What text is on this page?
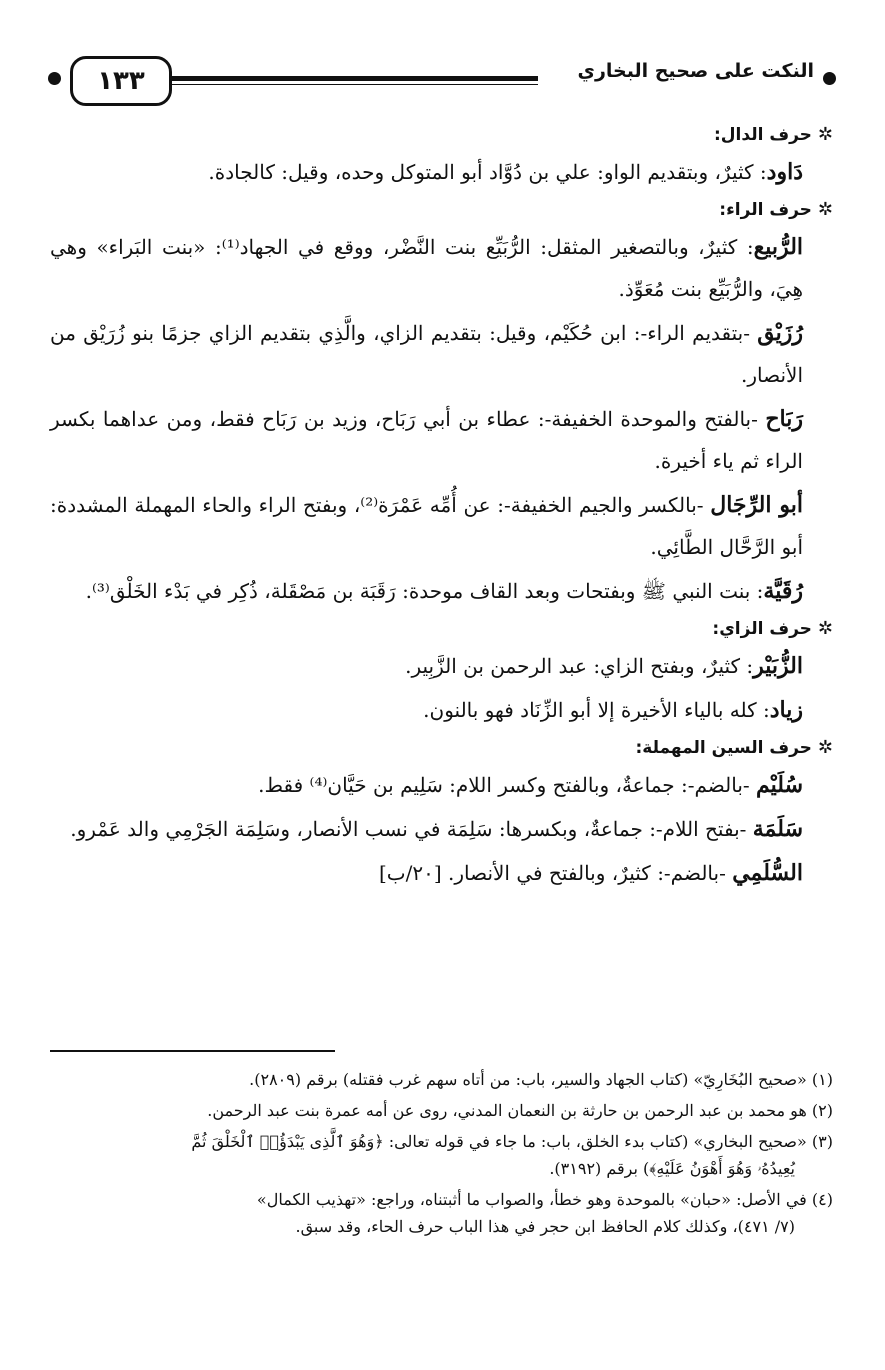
النكت على صحيح البخاري
١٣٣
✲حرف الدال:

دَاود: كثيرٌ، وبتقديم الواو: علي بن دُوَّاد أبو المتوكل وحده، وقيل: كالجادة.

✲حرف الراء:

الرُّبيع: كثيرٌ، وبالتصغير المثقل: الرُّبَيِّع بنت النَّضْر، ووقع في الجهاد⁽¹⁾: «بنت البَراء» وهي هِيَ، والرُّبَيِّع بنت مُعَوِّذ.

رُزَيْق -بتقديم الراء-: ابن حُكَيْم، وقيل: بتقديم الزاي، والَّذِي بتقديم الزاي جزمًا بنو زُرَيْق من الأنصار.

رَبَاح -بالفتح والموحدة الخفيفة-: عطاء بن أبي رَبَاح، وزيد بن رَبَاح فقط، ومن عداهما بكسر الراء ثم ياء أخيرة.

أبو الرِّجَال -بالكسر والجيم الخفيفة-: عن أُمِّه عَمْرَة⁽²⁾، وبفتح الراء والحاء المهملة المشددة: أبو الرَّحَّال الطَّائِي.

رُقَيَّة: بنت النبي ﷺ وبفتحات وبعد القاف موحدة: رَقَبَة بن مَصْقَلة، ذُكِر في بَدْء الخَلْق⁽³⁾.

✲حرف الزاي:

الزُّبَيْر: كثيرٌ، وبفتح الزاي: عبد الرحمن بن الزَّبِير.

زياد: كله بالياء الأخيرة إلا أبو الزِّنَاد فهو بالنون.

✲حرف السين المهملة:

سُلَيْم -بالضم-: جماعةٌ، وبالفتح وكسر اللام: سَلِيم بن حَيَّان⁽⁴⁾ فقط.

سَلَمَة -بفتح اللام-: جماعةٌ، وبكسرها: سَلِمَة في نسب الأنصار، وسَلِمَة الجَرْمِي والد عَمْرو.

السُّلَمِي -بالضم-: كثيرٌ، وبالفتح في الأنصار. [٢٠/ب]

(١) «صحيح البُخَارِيّ» (كتاب الجهاد والسير، باب: من أتاه سهم غرب فقتله) برقم (٢٨٠٩).

(٢) هو محمد بن عبد الرحمن بن حارثة بن النعمان المدني، روى عن أمه عمرة بنت عبد الرحمن.

(٣) «صحيح البخاري» (كتاب بدء الخلق، باب: ما جاء في قوله تعالى: ﴿وَهُوَ ٱلَّذِى يَبْدَؤُا۟ ٱلْخَلْقَ ثُمَّ
يُعِيدُهُۥ وَهُوَ أَهْوَنُ عَلَيْهِ﴾) برقم (٣١٩٢).

(٤) في الأصل: «حبان» بالموحدة وهو خطأ، والصواب ما أثبتناه، وراجع: «تهذيب الكمال»
(٧/ ٤٧١)، وكذلك كلام الحافظ ابن حجر في هذا الباب حرف الحاء، وقد سبق.
